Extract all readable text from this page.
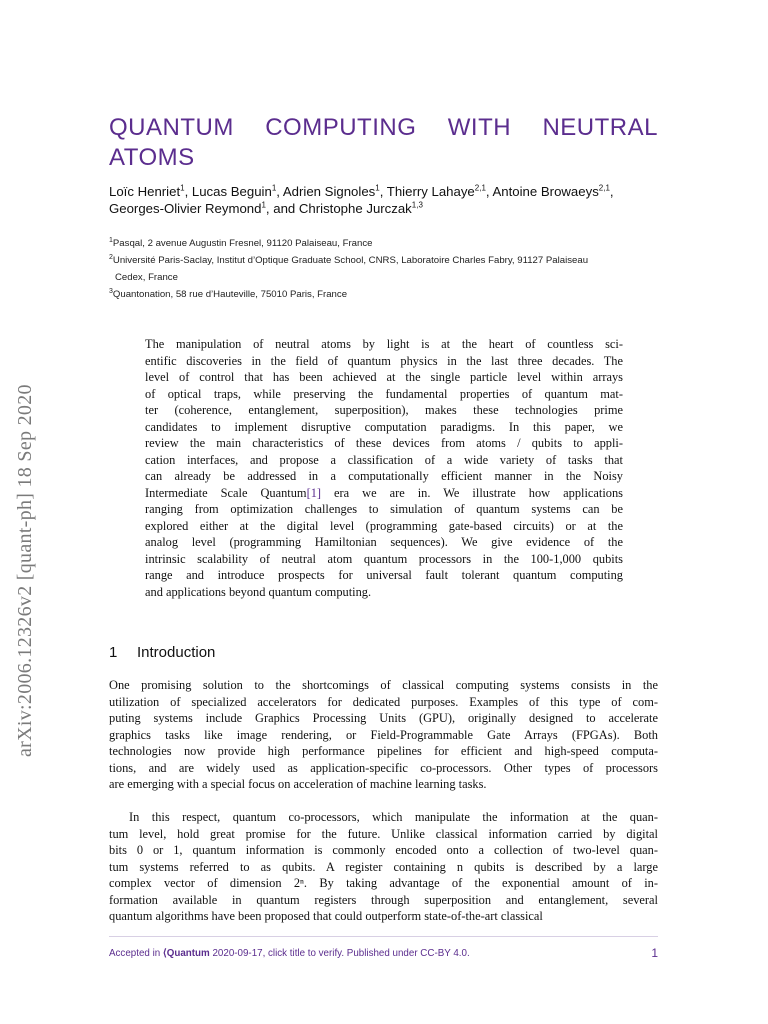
QUANTUM COMPUTING WITH NEUTRAL
ATOMS
Loïc Henriet$^1$, Lucas Beguin$^1$, Adrien Signoles$^1$, Thierry Lahaye$^{2,1}$, Antoine Browaeys$^{2,1}$,
Georges-Olivier Reymond$^1$, and Christophe Jurczak$^{1,3}$
$^1$Pasqal, 2 avenue Augustin Fresnel, 91120 Palaiseau, France
$^2$Université Paris-Saclay, Institut d’Optique Graduate School, CNRS, Laboratoire Charles Fabry, 91127 Palaiseau
Cedex, France
$^3$Quantonation, 58 rue d’Hauteville, 75010 Paris, France
arXiv:2006.12326v2 [quant-ph] 18 Sep 2020
The manipulation of neutral atoms by light is at the heart of countless sci-
entific discoveries in the field of quantum physics in the last three decades. The
level of control that has been achieved at the single particle level within arrays
of optical traps, while preserving the fundamental properties of quantum mat-
ter (coherence, entanglement, superposition), makes these technologies prime
candidates to implement disruptive computation paradigms. In this paper, we
review the main characteristics of these devices from atoms / qubits to appli-
cation interfaces, and propose a classification of a wide variety of tasks that
can already be addressed in a computationally efficient manner in the Noisy
Intermediate Scale Quantum[1] era we are in. We illustrate how applications
ranging from optimization challenges to simulation of quantum systems can be
explored either at the digital level (programming gate-based circuits) or at the
analog level (programming Hamiltonian sequences). We give evidence of the
intrinsic scalability of neutral atom quantum processors in the 100-1,000 qubits
range and introduce prospects for universal fault tolerant quantum computing
and applications beyond quantum computing.
1 Introduction
One promising solution to the shortcomings of classical computing systems consists in the
utilization of specialized accelerators for dedicated purposes. Examples of this type of com-
puting systems include Graphics Processing Units (GPU), originally designed to accelerate
graphics tasks like image rendering, or Field-Programmable Gate Arrays (FPGAs). Both
technologies now provide high performance pipelines for efficient and high-speed computa-
tions, and are widely used as application-specific co-processors. Other types of processors
are emerging with a special focus on acceleration of machine learning tasks.
In this respect, quantum co-processors, which manipulate the information at the quan-
tum level, hold great promise for the future. Unlike classical information carried by digital
bits 0 or 1, quantum information is commonly encoded onto a collection of two-level quan-
tum systems referred to as qubits. A register containing n qubits is described by a large
complex vector of dimension 2ⁿ. By taking advantage of the exponential amount of in-
formation available in quantum registers through superposition and entanglement, several
quantum algorithms have been proposed that could outperform state-of-the-art classical
Accepted in ⟨Quantum 2020-09-17, click title to verify. Published under CC-BY 4.0.	1
